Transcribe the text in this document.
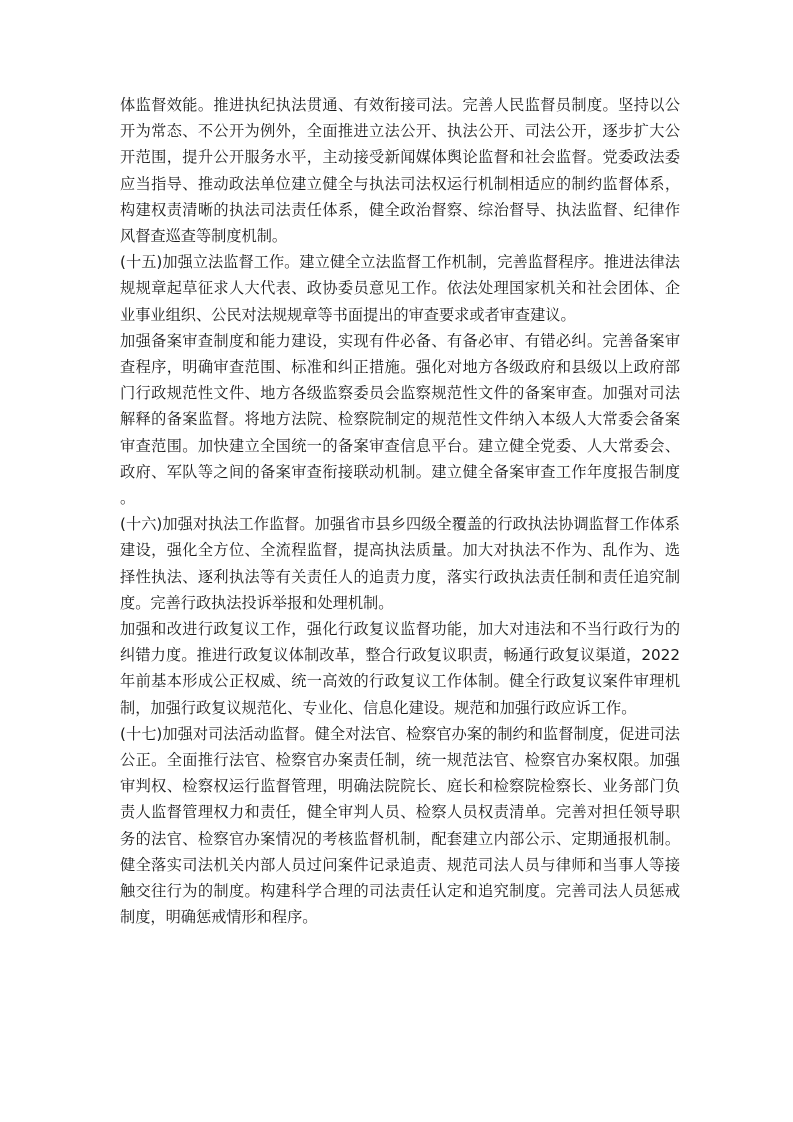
体监督效能。推进执纪执法贯通、有效衔接司法。完善人民监督员制度。坚持以公开为常态、不公开为例外，全面推进立法公开、执法公开、司法公开，逐步扩大公开范围，提升公开服务水平，主动接受新闻媒体舆论监督和社会监督。党委政法委应当指导、推动政法单位建立健全与执法司法权运行机制相适应的制约监督体系，构建权责清晰的执法司法责任体系，健全政治督察、综治督导、执法监督、纪律作风督查巡查等制度机制。

(十五)加强立法监督工作。建立健全立法监督工作机制，完善监督程序。推进法律法规规章起草征求人大代表、政协委员意见工作。依法处理国家机关和社会团体、企业事业组织、公民对法规规章等书面提出的审查要求或者审查建议。

加强备案审查制度和能力建设，实现有件必备、有备必审、有错必纠。完善备案审查程序，明确审查范围、标准和纠正措施。强化对地方各级政府和县级以上政府部门行政规范性文件、地方各级监察委员会监察规范性文件的备案审查。加强对司法解释的备案监督。将地方法院、检察院制定的规范性文件纳入本级人大常委会备案审查范围。加快建立全国统一的备案审查信息平台。建立健全党委、人大常委会、政府、军队等之间的备案审查衔接联动机制。建立健全备案审查工作年度报告制度。

(十六)加强对执法工作监督。加强省市县乡四级全覆盖的行政执法协调监督工作体系建设，强化全方位、全流程监督，提高执法质量。加大对执法不作为、乱作为、选择性执法、逐利执法等有关责任人的追责力度，落实行政执法责任制和责任追究制度。完善行政执法投诉举报和处理机制。

加强和改进行政复议工作，强化行政复议监督功能，加大对违法和不当行政行为的纠错力度。推进行政复议体制改革，整合行政复议职责，畅通行政复议渠道，2022年前基本形成公正权威、统一高效的行政复议工作体制。健全行政复议案件审理机制，加强行政复议规范化、专业化、信息化建设。规范和加强行政应诉工作。

(十七)加强对司法活动监督。健全对法官、检察官办案的制约和监督制度，促进司法公正。全面推行法官、检察官办案责任制，统一规范法官、检察官办案权限。加强审判权、检察权运行监督管理，明确法院院长、庭长和检察院检察长、业务部门负责人监督管理权力和责任，健全审判人员、检察人员权责清单。完善对担任领导职务的法官、检察官办案情况的考核监督机制，配套建立内部公示、定期通报机制。健全落实司法机关内部人员过问案件记录追责、规范司法人员与律师和当事人等接触交往行为的制度。构建科学合理的司法责任认定和追究制度。完善司法人员惩戒制度，明确惩戒情形和程序。
